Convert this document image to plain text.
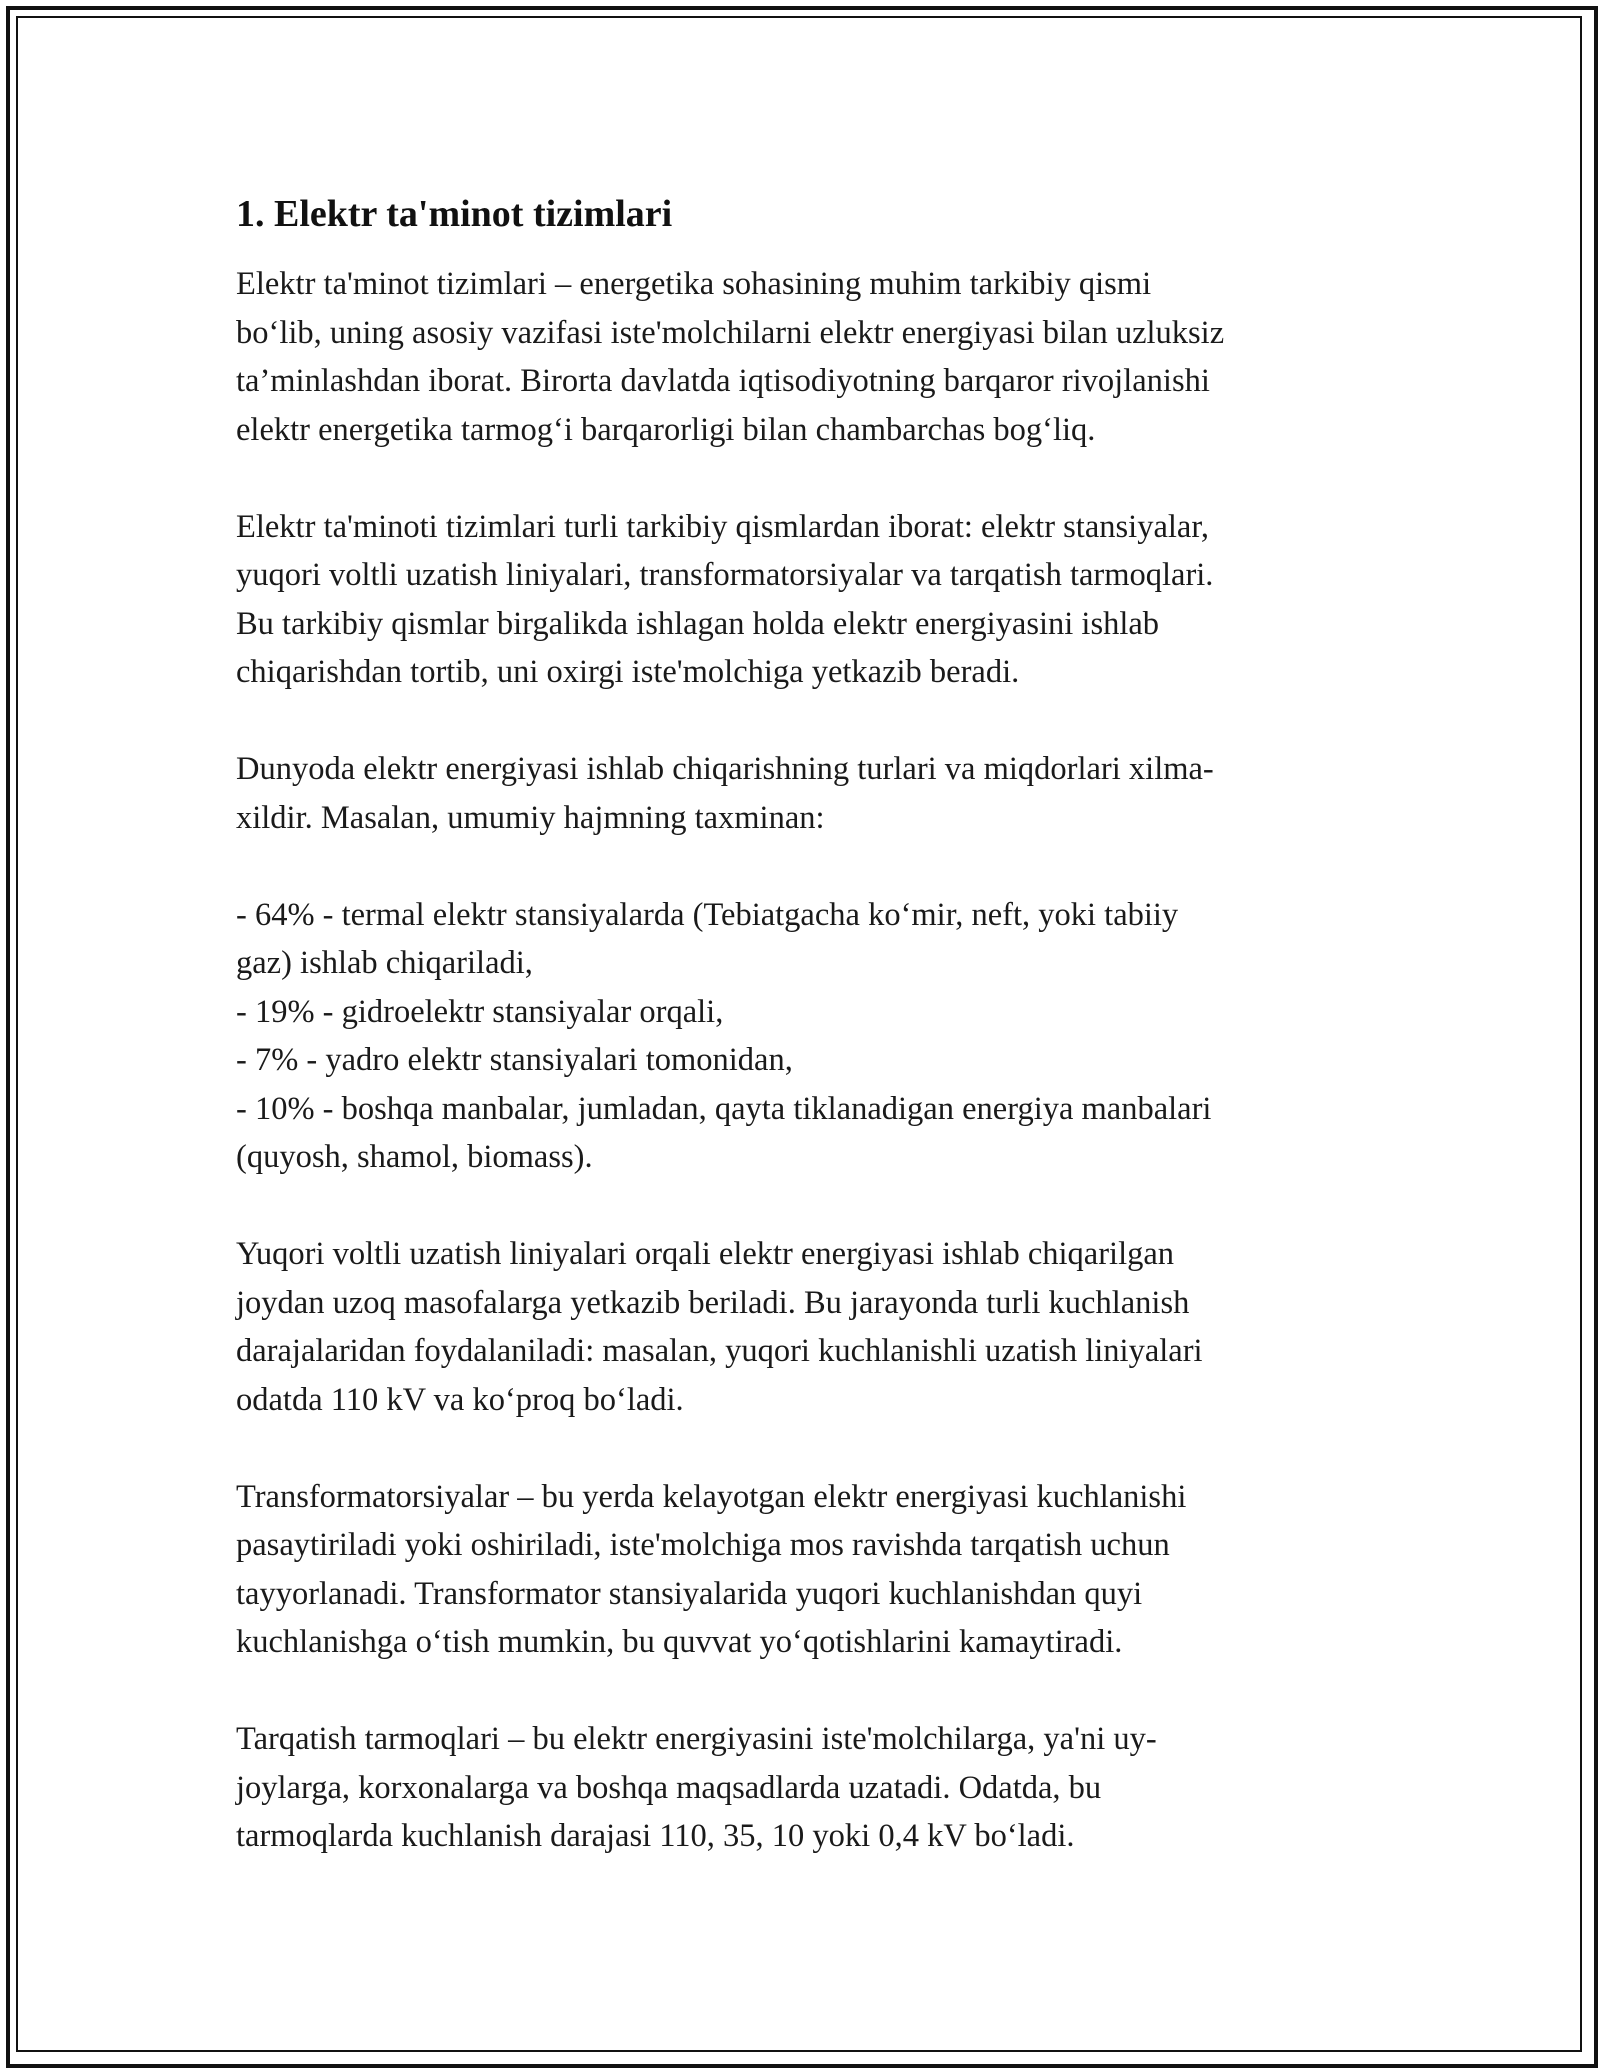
1. Elektr ta'minot tizimlari

Elektr ta'minot tizimlari – energetika sohasining muhim tarkibiy qismi
bo‘lib, uning asosiy vazifasi iste'molchilarni elektr energiyasi bilan uzluksiz
ta’minlashdan iborat. Birorta davlatda iqtisodiyotning barqaror rivojlanishi
elektr energetika tarmog‘i barqarorligi bilan chambarchas bog‘liq.

Elektr ta'minoti tizimlari turli tarkibiy qismlardan iborat: elektr stansiyalar,
yuqori voltli uzatish liniyalari, transformatorsiyalar va tarqatish tarmoqlari.
Bu tarkibiy qismlar birgalikda ishlagan holda elektr energiyasini ishlab
chiqarishdan tortib, uni oxirgi iste'molchiga yetkazib beradi.

Dunyoda elektr energiyasi ishlab chiqarishning turlari va miqdorlari xilma-
xildir. Masalan, umumiy hajmning taxminan:

- 64% - termal elektr stansiyalarda (Tebiatgacha ko‘mir, neft, yoki tabiiy
gaz) ishlab chiqariladi,
- 19% - gidroelektr stansiyalar orqali,
- 7% - yadro elektr stansiyalari tomonidan,
- 10% - boshqa manbalar, jumladan, qayta tiklanadigan energiya manbalari
(quyosh, shamol, biomass).

Yuqori voltli uzatish liniyalari orqali elektr energiyasi ishlab chiqarilgan
joydan uzoq masofalarga yetkazib beriladi. Bu jarayonda turli kuchlanish
darajalaridan foydalaniladi: masalan, yuqori kuchlanishli uzatish liniyalari
odatda 110 kV va ko‘proq bo‘ladi.

Transformatorsiyalar – bu yerda kelayotgan elektr energiyasi kuchlanishi
pasaytiriladi yoki oshiriladi, iste'molchiga mos ravishda tarqatish uchun
tayyorlanadi. Transformator stansiyalarida yuqori kuchlanishdan quyi
kuchlanishga o‘tish mumkin, bu quvvat yo‘qotishlarini kamaytiradi.

Tarqatish tarmoqlari – bu elektr energiyasini iste'molchilarga, ya'ni uy-
joylarga, korxonalarga va boshqa maqsadlarda uzatadi. Odatda, bu
tarmoqlarda kuchlanish darajasi 110, 35, 10 yoki 0,4 kV bo‘ladi.
